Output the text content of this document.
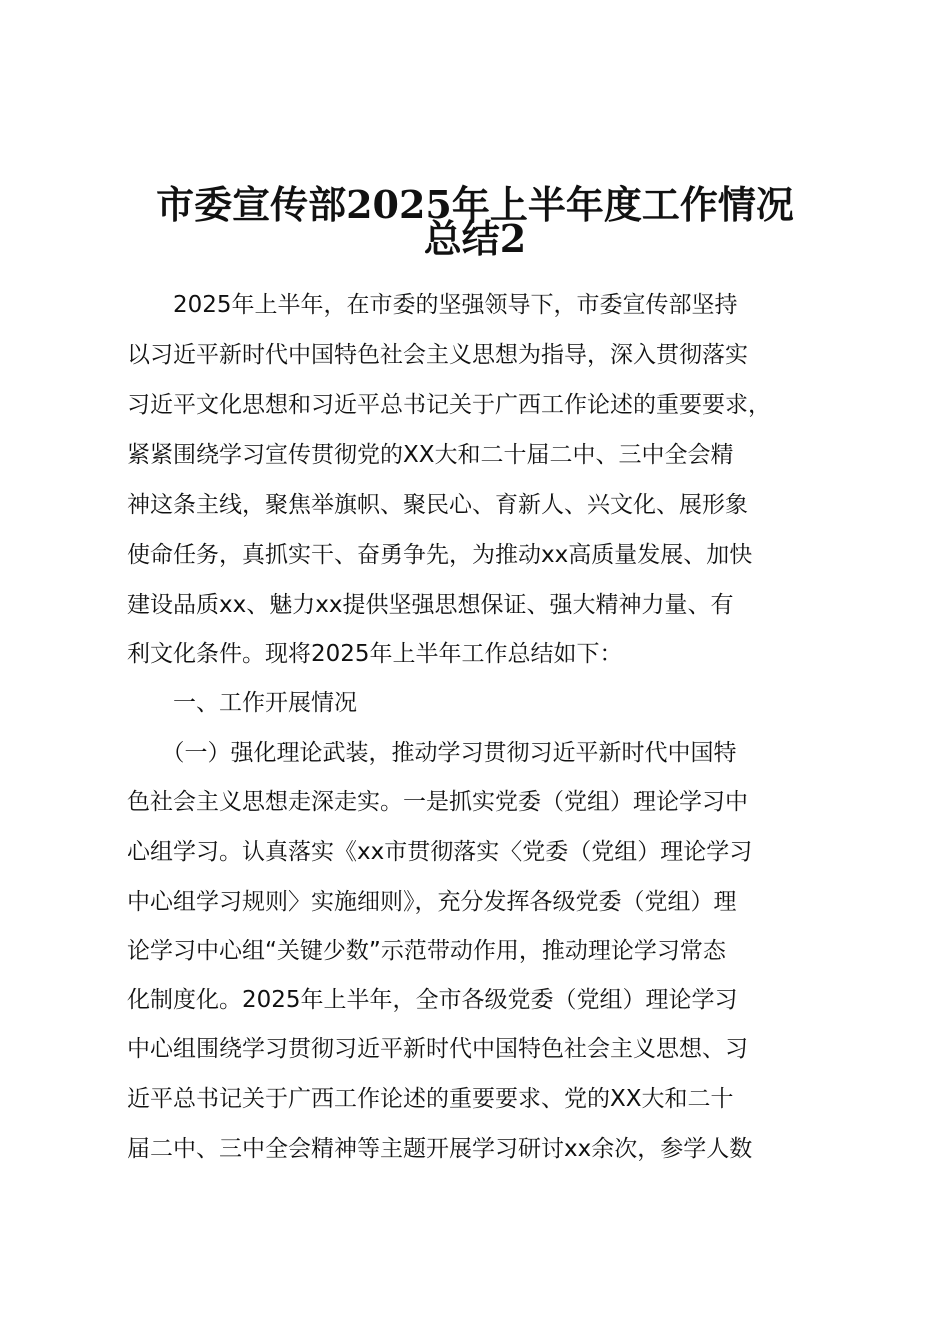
市委宣传部2025年上半年度工作情况
总结2
　　2025年上半年，在市委的坚强领导下，市委宣传部坚持
以习近平新时代中国特色社会主义思想为指导，深入贯彻落实
习近平文化思想和习近平总书记关于广西工作论述的重要要求，
紧紧围绕学习宣传贯彻党的XX大和二十届二中、三中全会精
神这条主线，聚焦举旗帜、聚民心、育新人、兴文化、展形象
使命任务，真抓实干、奋勇争先，为推动xx高质量发展、加快
建设品质xx、魅力xx提供坚强思想保证、强大精神力量、有
利文化条件。现将2025年上半年工作总结如下：
　　一、工作开展情况
　　（一）强化理论武装，推动学习贯彻习近平新时代中国特
色社会主义思想走深走实。一是抓实党委（党组）理论学习中
心组学习。认真落实《xx市贯彻落实〈党委（党组）理论学习
中心组学习规则〉实施细则》，充分发挥各级党委（党组）理
论学习中心组“关键少数”示范带动作用，推动理论学习常态
化制度化。2025年上半年，全市各级党委（党组）理论学习
中心组围绕学习贯彻习近平新时代中国特色社会主义思想、习
近平总书记关于广西工作论述的重要要求、党的XX大和二十
届二中、三中全会精神等主题开展学习研讨xx余次，参学人数
